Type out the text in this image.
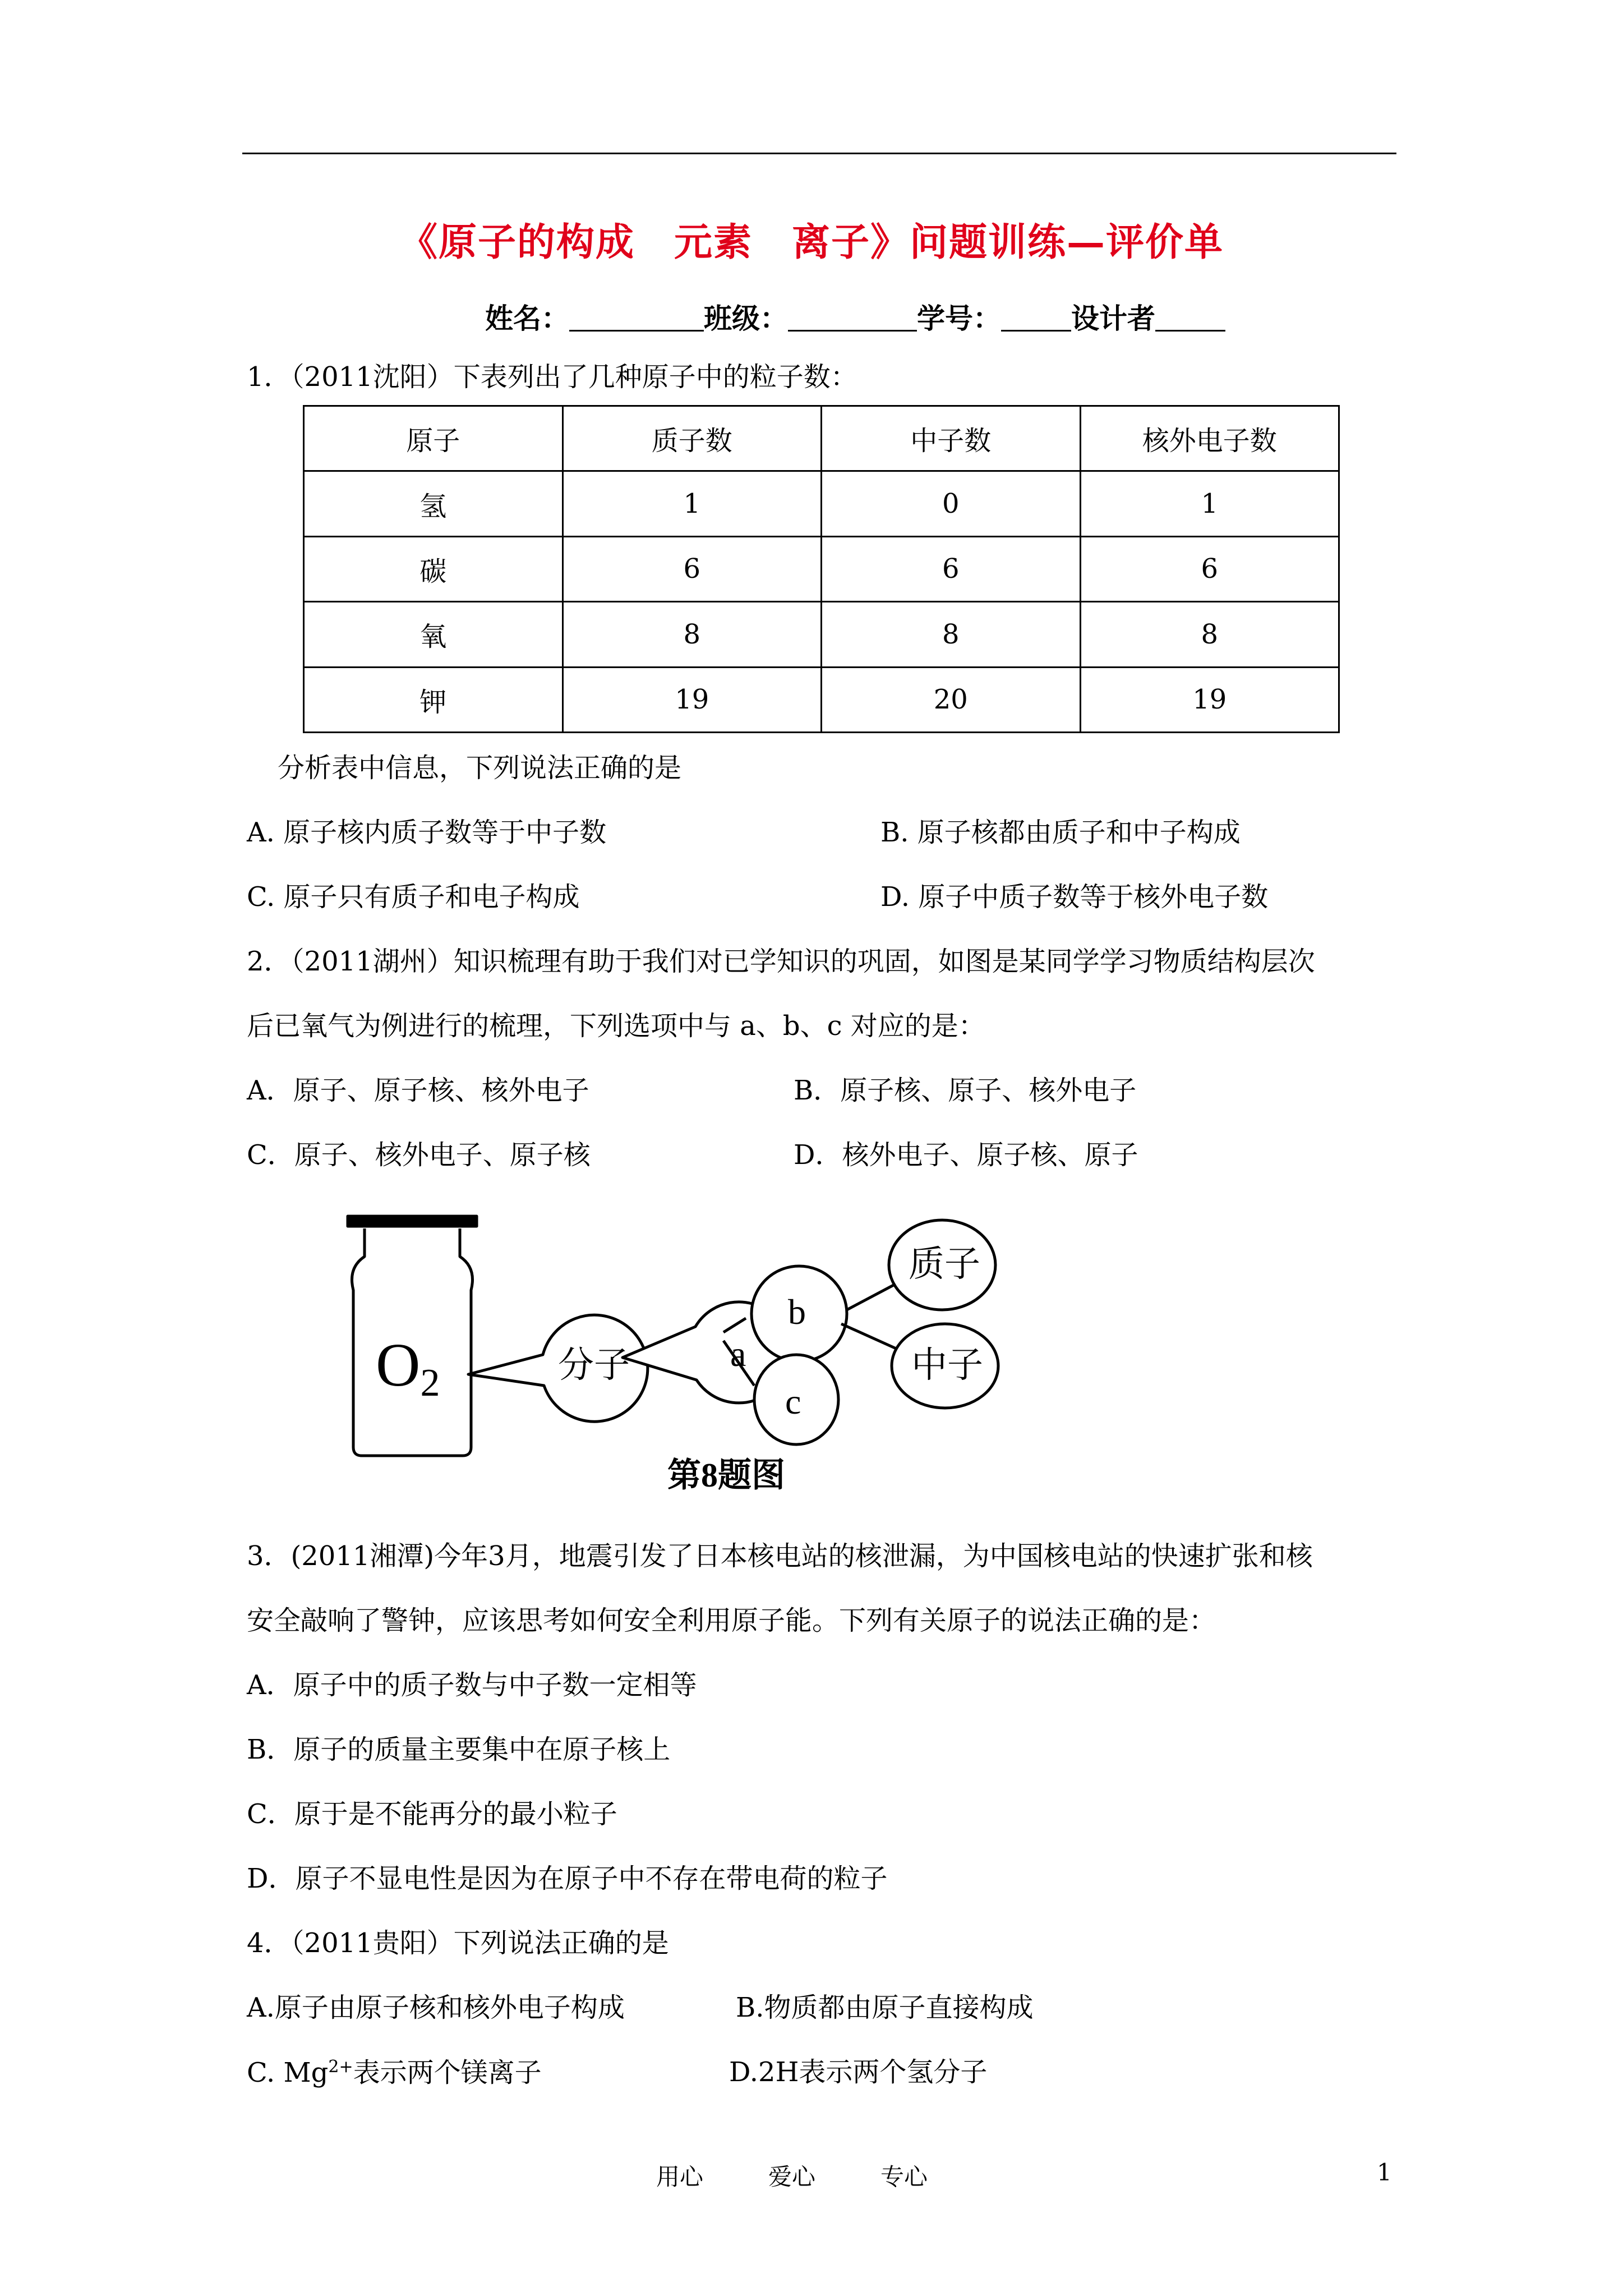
《原子的构成　元素　离子》问题训练—评价单
姓名：	班级：	学号：	设计者
1．（2011沈阳）下表列出了几种原子中的粒子数：
原子	质子数	中子数	核外电子数
氢	1	0	1
碳	6	6	6
氧	8	8	8
钾	19	20	19
分析表中信息，下列说法正确的是
A. 原子核内质子数等于中子数	B. 原子核都由质子和中子构成
C. 原子只有质子和电子构成	D. 原子中质子数等于核外电子数
2．（2011湖州）知识梳理有助于我们对已学知识的巩固，如图是某同学学习物质结构层次
后已氧气为例进行的梳理，下列选项中与 a、b、c 对应的是：
A．原子、原子核、核外电子	B．原子核、原子、核外电子
C．原子、核外电子、原子核	D．核外电子、原子核、原子
O2	分子	a
b
c
质子
中子
第8题图
3．(2011湘潭)今年3月，地震引发了日本核电站的核泄漏，为中国核电站的快速扩张和核
安全敲响了警钟，应该思考如何安全利用原子能。下列有关原子的说法正确的是：
A．原子中的质子数与中子数一定相等
B．原子的质量主要集中在原子核上
C．原于是不能再分的最小粒子
D．原子不显电性是因为在原子中不存在带电荷的粒子
4．（2011贵阳）下列说法正确的是
A.原子由原子核和核外电子构成	B.物质都由原子直接构成
C. $Mg^{2+}$表示两个镁离子	D.2H表示两个氢分子
用心	爱心	专心	1
